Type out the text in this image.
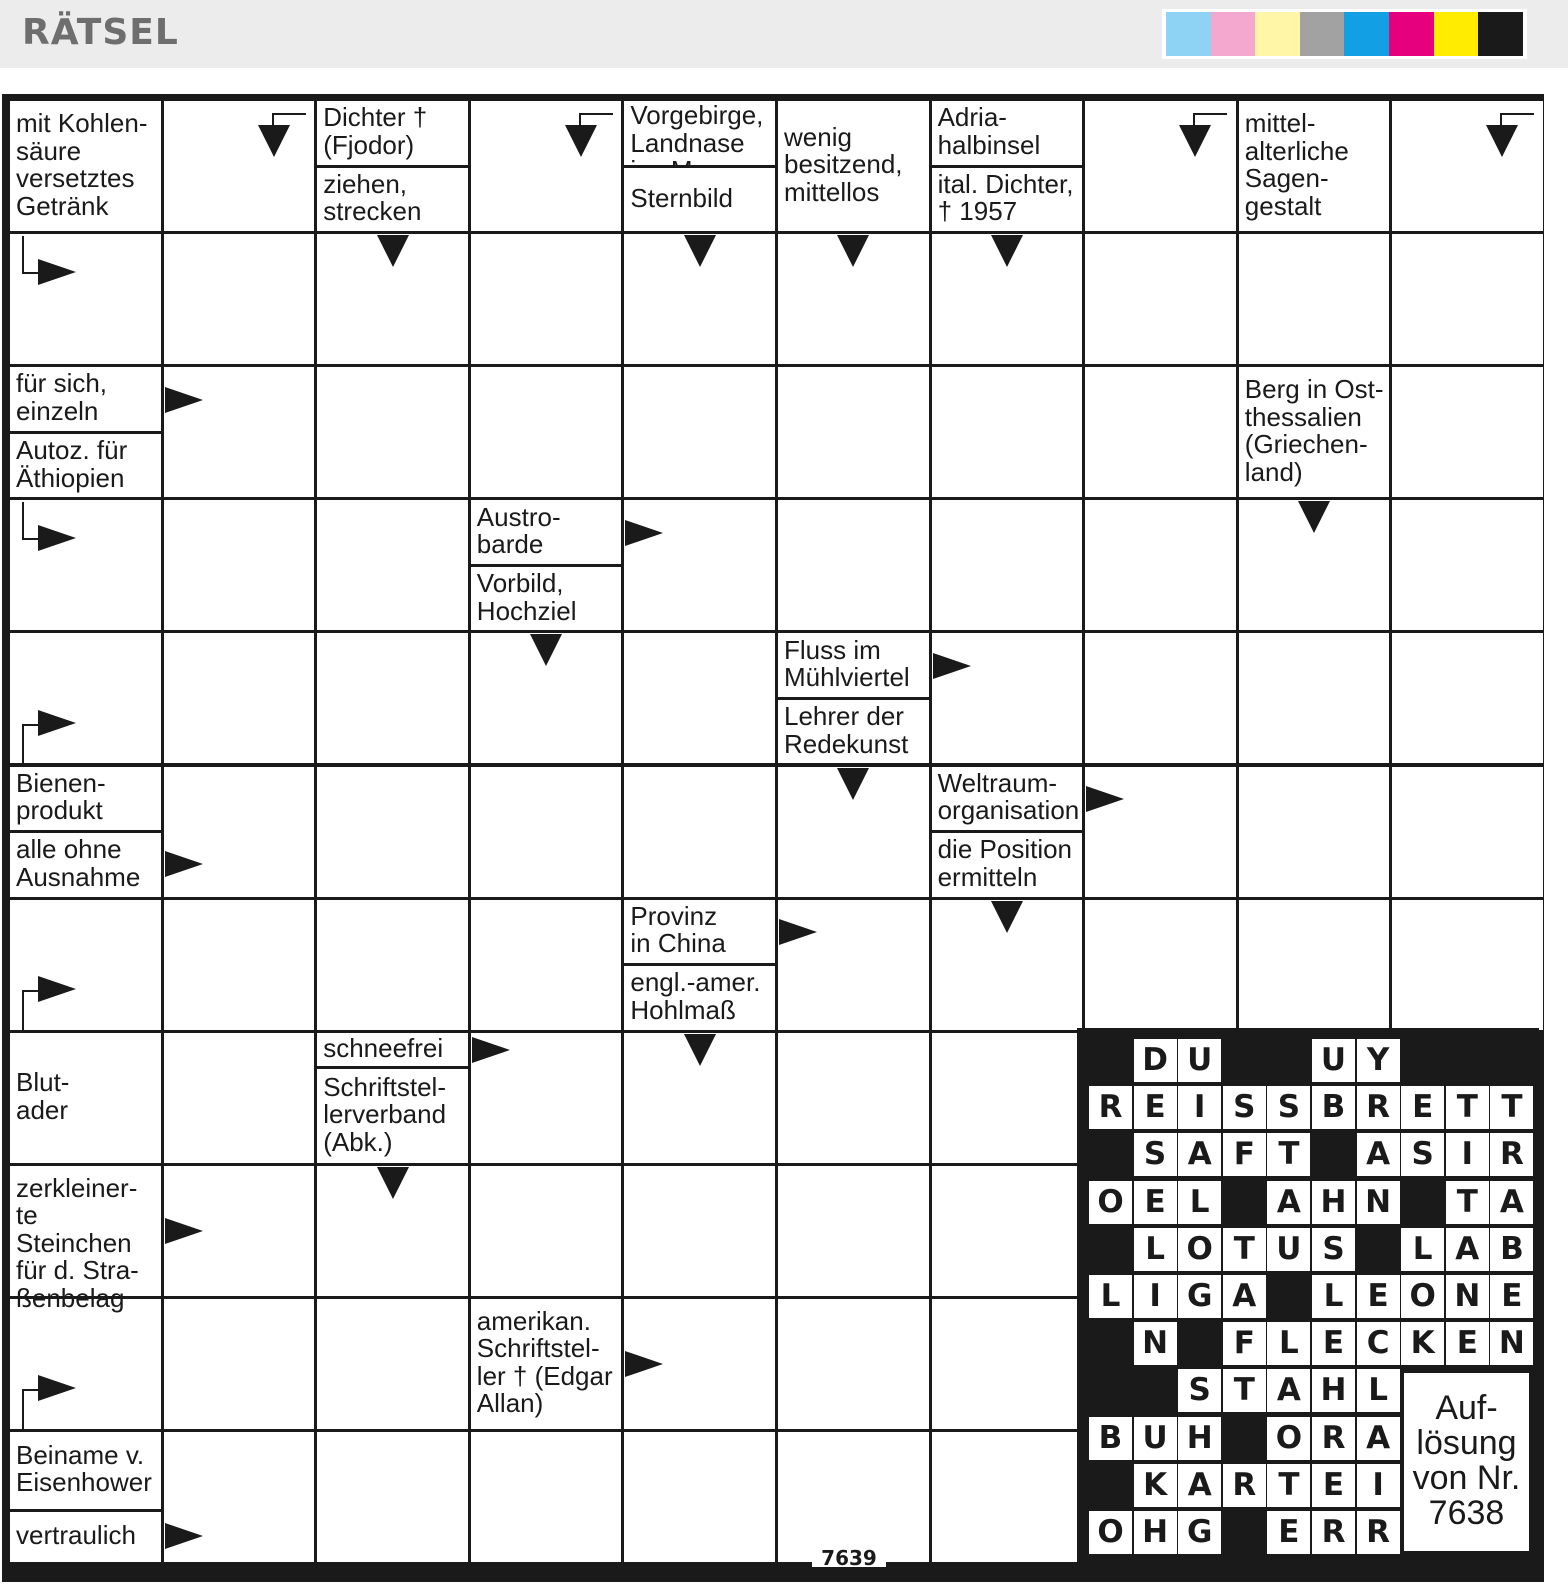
RÄTSEL
mit Kohlen-
säure
versetztes
Getränk
Dichter †
(Fjodor)
ziehen,
strecken
Vorgebirge,
Landnase

Sternbild
wenig
besitzend,
mittellos
Adria-
halbinsel
ital. Dichter,
† 1957
mittel-
alterliche
Sagen-
gestalt
für sich,
einzeln
Autoz. für
Äthiopien
Berg in Ost-
thessalien
(Griechen-
land)
Austro-
barde
Vorbild,
Hochziel
Fluss im
Mühlviertel
Lehrer der
Redekunst
Bienen-
produkt
alle ohne
Ausnahme
Weltraum-
organisation
die Position
ermitteln
Provinz
in China
engl.-amer.
Hohlmaß
Blut-
ader
schneefrei
Schriftstel-
lerverband
(Abk.)
zerkleiner-
te Steinchen
für d. Stra-
ßenbelag
amerikan.
Schriftstel-
ler † (Edgar
Allan)
Beiname v.
Eisenhower
vertraulich
D U	U Y
R E I S S B R E T T
S A F T	A S I R
O E L	A H N	T A
L O T U S	L A B
L I G A	L E O N E
N	F L E C K E N
S T A H L
B U H O R A
K A R T E I
O H G	E R R
Auf-
lösung
von Nr.
7638
7639
